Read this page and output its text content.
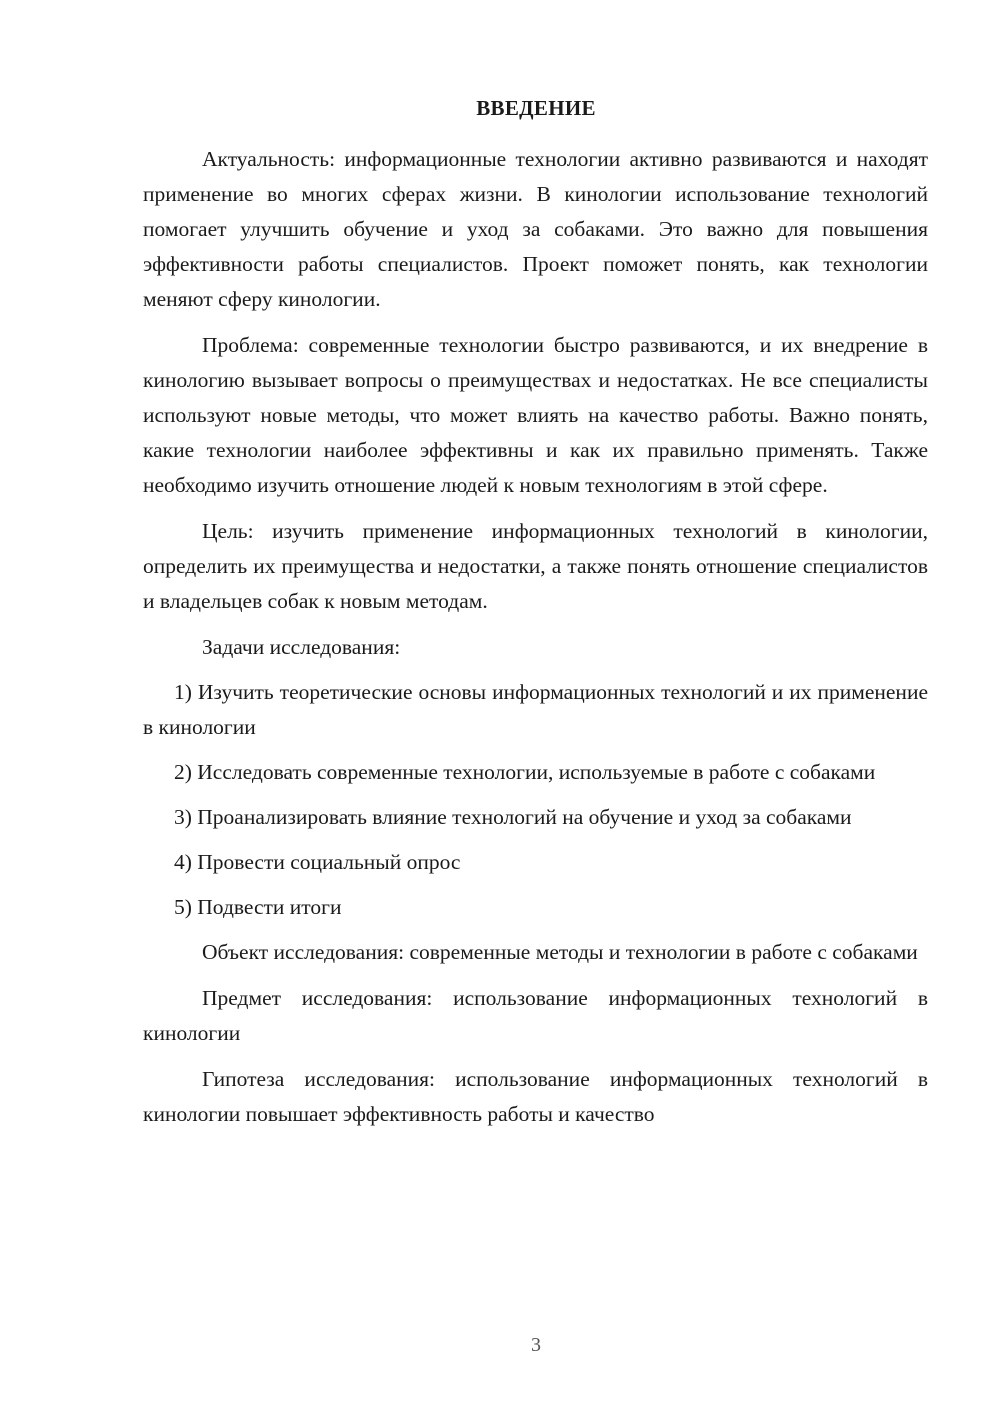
ВВЕДЕНИЕ

Актуальность: информационные технологии активно развиваются и находят применение во многих сферах жизни. В кинологии использование технологий помогает улучшить обучение и уход за собаками. Это важно для повышения эффективности работы специалистов. Проект поможет понять, как технологии меняют сферу кинологии.

Проблема: современные технологии быстро развиваются, и их внедрение в кинологию вызывает вопросы о преимуществах и недостатках. Не все специалисты используют новые методы, что может влиять на качество работы. Важно понять, какие технологии наиболее эффективны и как их правильно применять. Также необходимо изучить отношение людей к новым технологиям в этой сфере.

Цель: изучить применение информационных технологий в кинологии, определить их преимущества и недостатки, а также понять отношение специалистов и владельцев собак к новым методам.

Задачи исследования:

1) Изучить теоретические основы информационных технологий и их применение в кинологии

2) Исследовать современные технологии, используемые в работе с собаками

3) Проанализировать влияние технологий на обучение и уход за собаками

4) Провести социальный опрос

5) Подвести итоги

Объект исследования: современные методы и технологии в работе с собаками

Предмет исследования: использование информационных технологий в кинологии

Гипотеза исследования: использование информационных технологий в кинологии повышает эффективность работы и качество

3
